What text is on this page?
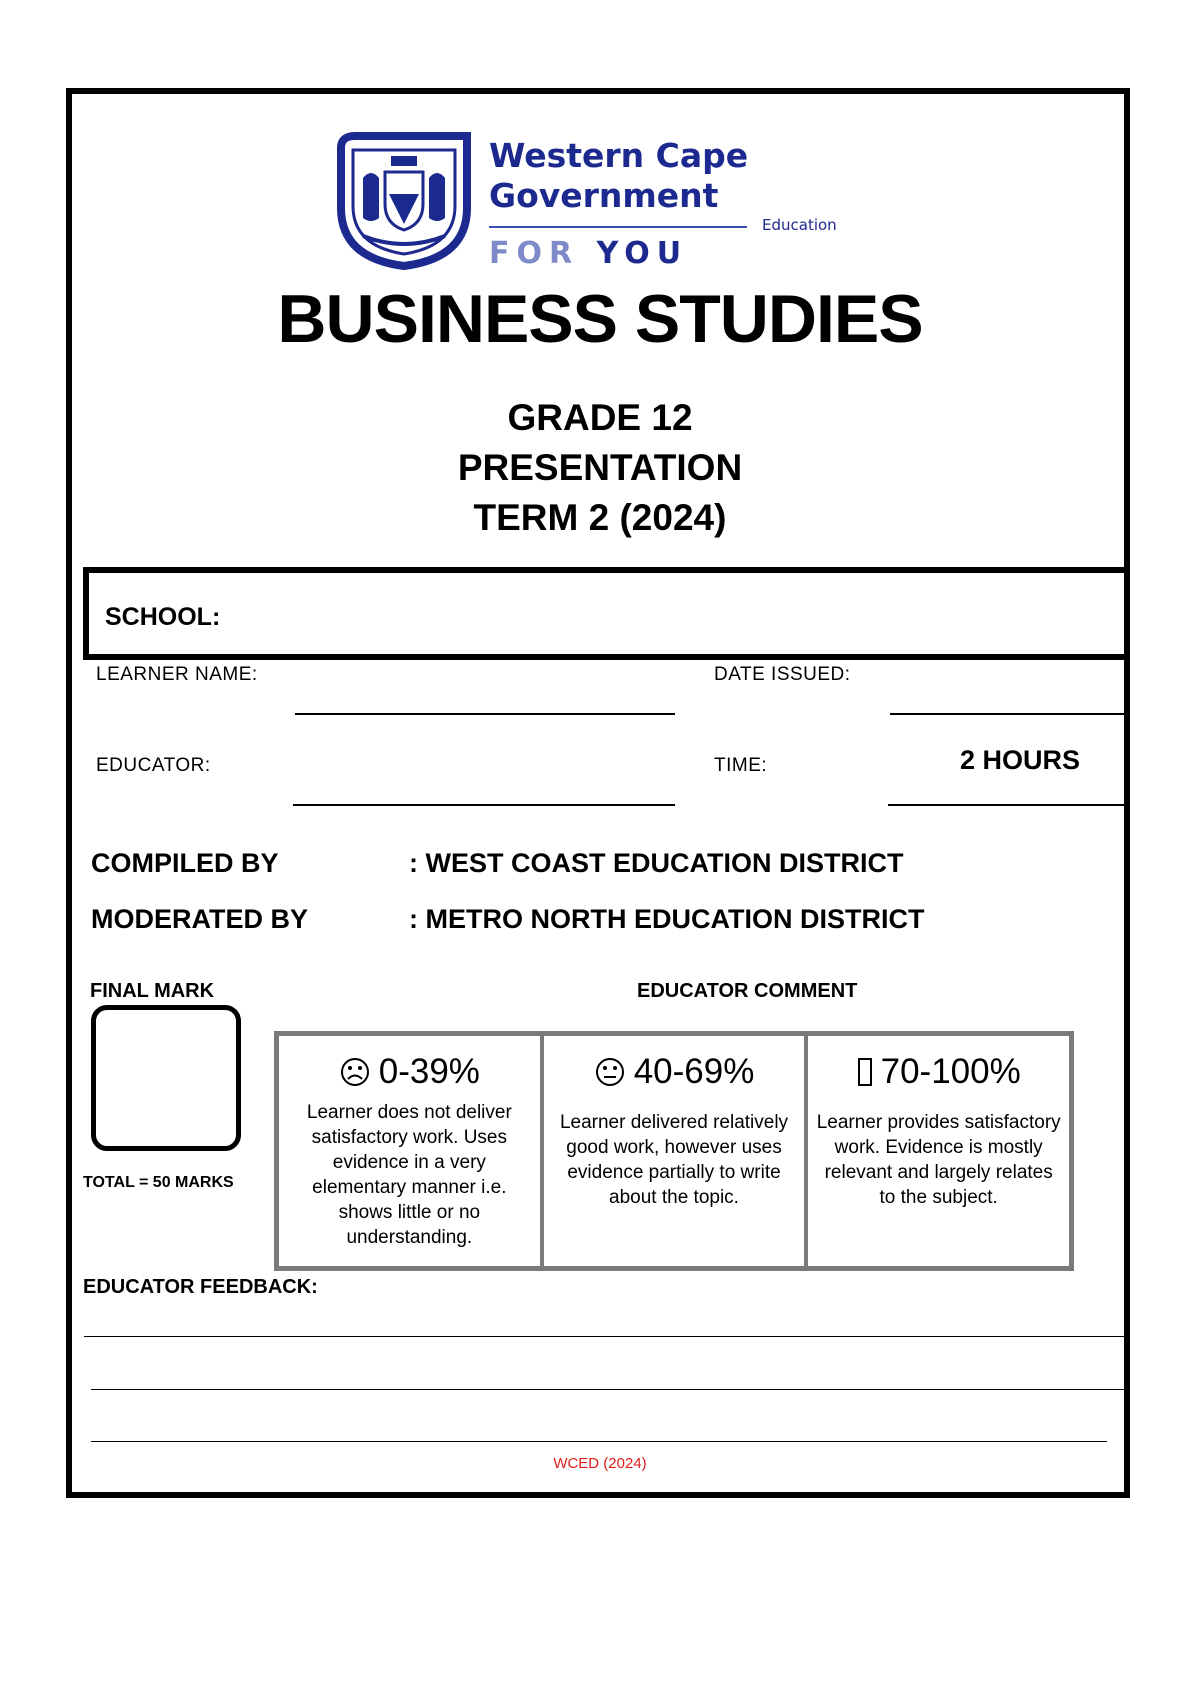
Western Cape
Government
Education
FOR YOU
BUSINESS STUDIES
GRADE 12
PRESENTATION
TERM 2 (2024)
SCHOOL:
LEARNER NAME:	DATE ISSUED:
EDUCATOR:	TIME:	2 HOURS
COMPILED BY	: WEST COAST EDUCATION DISTRICT
MODERATED BY	: METRO NORTH EDUCATION DISTRICT
FINAL MARK
TOTAL = 50 MARKS
EDUCATOR COMMENT
0-39%
Learner does not deliver satisfactory work. Uses evidence in a very elementary manner i.e. shows little or no understanding.
40-69%
Learner delivered relatively good work, however uses evidence partially to write about the topic.
70-100%
Learner provides satisfactory work. Evidence is mostly relevant and largely relates to the subject.
EDUCATOR FEEDBACK:
WCED (2024)
